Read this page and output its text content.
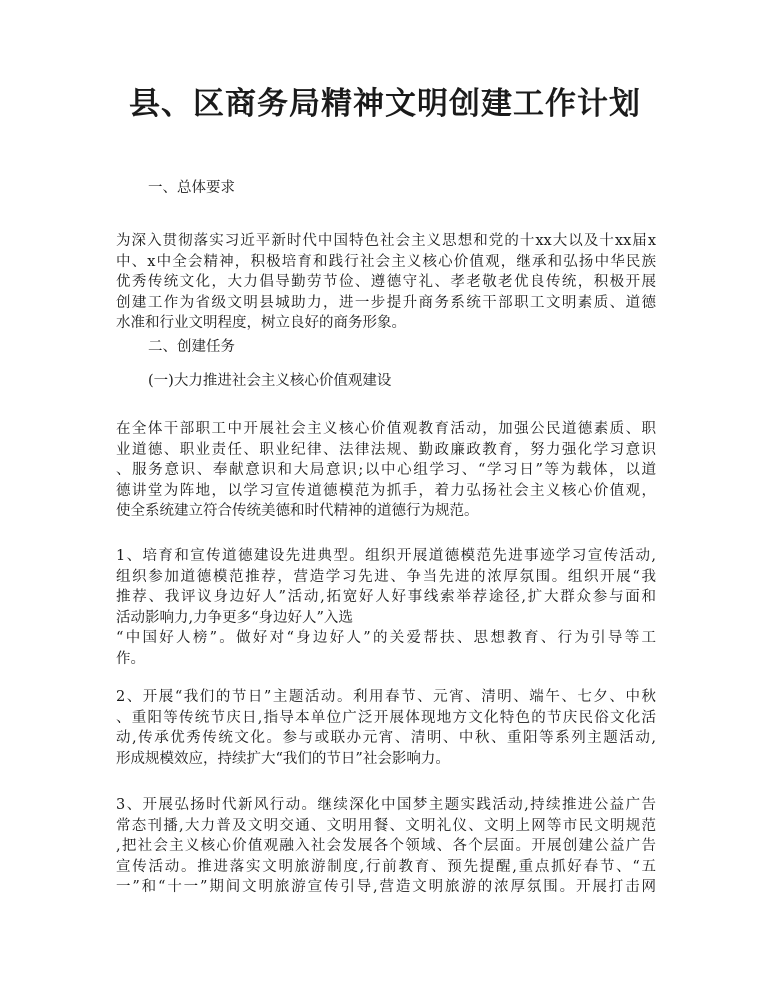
县、区商务局精神文明创建工作计划

一、总体要求

为深入贯彻落实习近平新时代中国特色社会主义思想和党的十xx大以及十xx届x
中、x中全会精神，积极培育和践行社会主义核心价值观，继承和弘扬中华民族
优秀传统文化，大力倡导勤劳节俭、遵德守礼、孝老敬老优良传统，积极开展
创建工作为省级文明县城助力，进一步提升商务系统干部职工文明素质、道德
水准和行业文明程度，树立良好的商务形象。

二、创建任务

(一)大力推进社会主义核心价值观建设

在全体干部职工中开展社会主义核心价值观教育活动，加强公民道德素质、职
业道德、职业责任、职业纪律、法律法规、勤政廉政教育，努力强化学习意识
、服务意识、奉献意识和大局意识;以中心组学习、“学习日”等为载体，以道
德讲堂为阵地，以学习宣传道德模范为抓手，着力弘扬社会主义核心价值观，
使全系统建立符合传统美德和时代精神的道德行为规范。
1、培育和宣传道德建设先进典型。组织开展道德模范先进事迹学习宣传活动,
组织参加道德模范推荐，营造学习先进、争当先进的浓厚氛围。组织开展“我
推荐、我评议身边好人”活动,拓宽好人好事线索举荐途径,扩大群众参与面和
活动影响力,力争更多“身边好人”入选
“中国好人榜”。做好对“身边好人”的关爱帮扶、思想教育、行为引导等工
作。
2、开展“我们的节日”主题活动。利用春节、元宵、清明、端午、七夕、中秋
、重阳等传统节庆日,指导本单位广泛开展体现地方文化特色的节庆民俗文化活
动,传承优秀传统文化。参与或联办元宵、清明、中秋、重阳等系列主题活动,
形成规模效应，持续扩大“我们的节日”社会影响力。
3、开展弘扬时代新风行动。继续深化中国梦主题实践活动,持续推进公益广告
常态刊播,大力普及文明交通、文明用餐、文明礼仪、文明上网等市民文明规范
,把社会主义核心价值观融入社会发展各个领域、各个层面。开展创建公益广告
宣传活动。推进落实文明旅游制度,行前教育、预先提醒,重点抓好春节、“五
一”和“十一”期间文明旅游宣传引导,营造文明旅游的浓厚氛围。开展打击网
